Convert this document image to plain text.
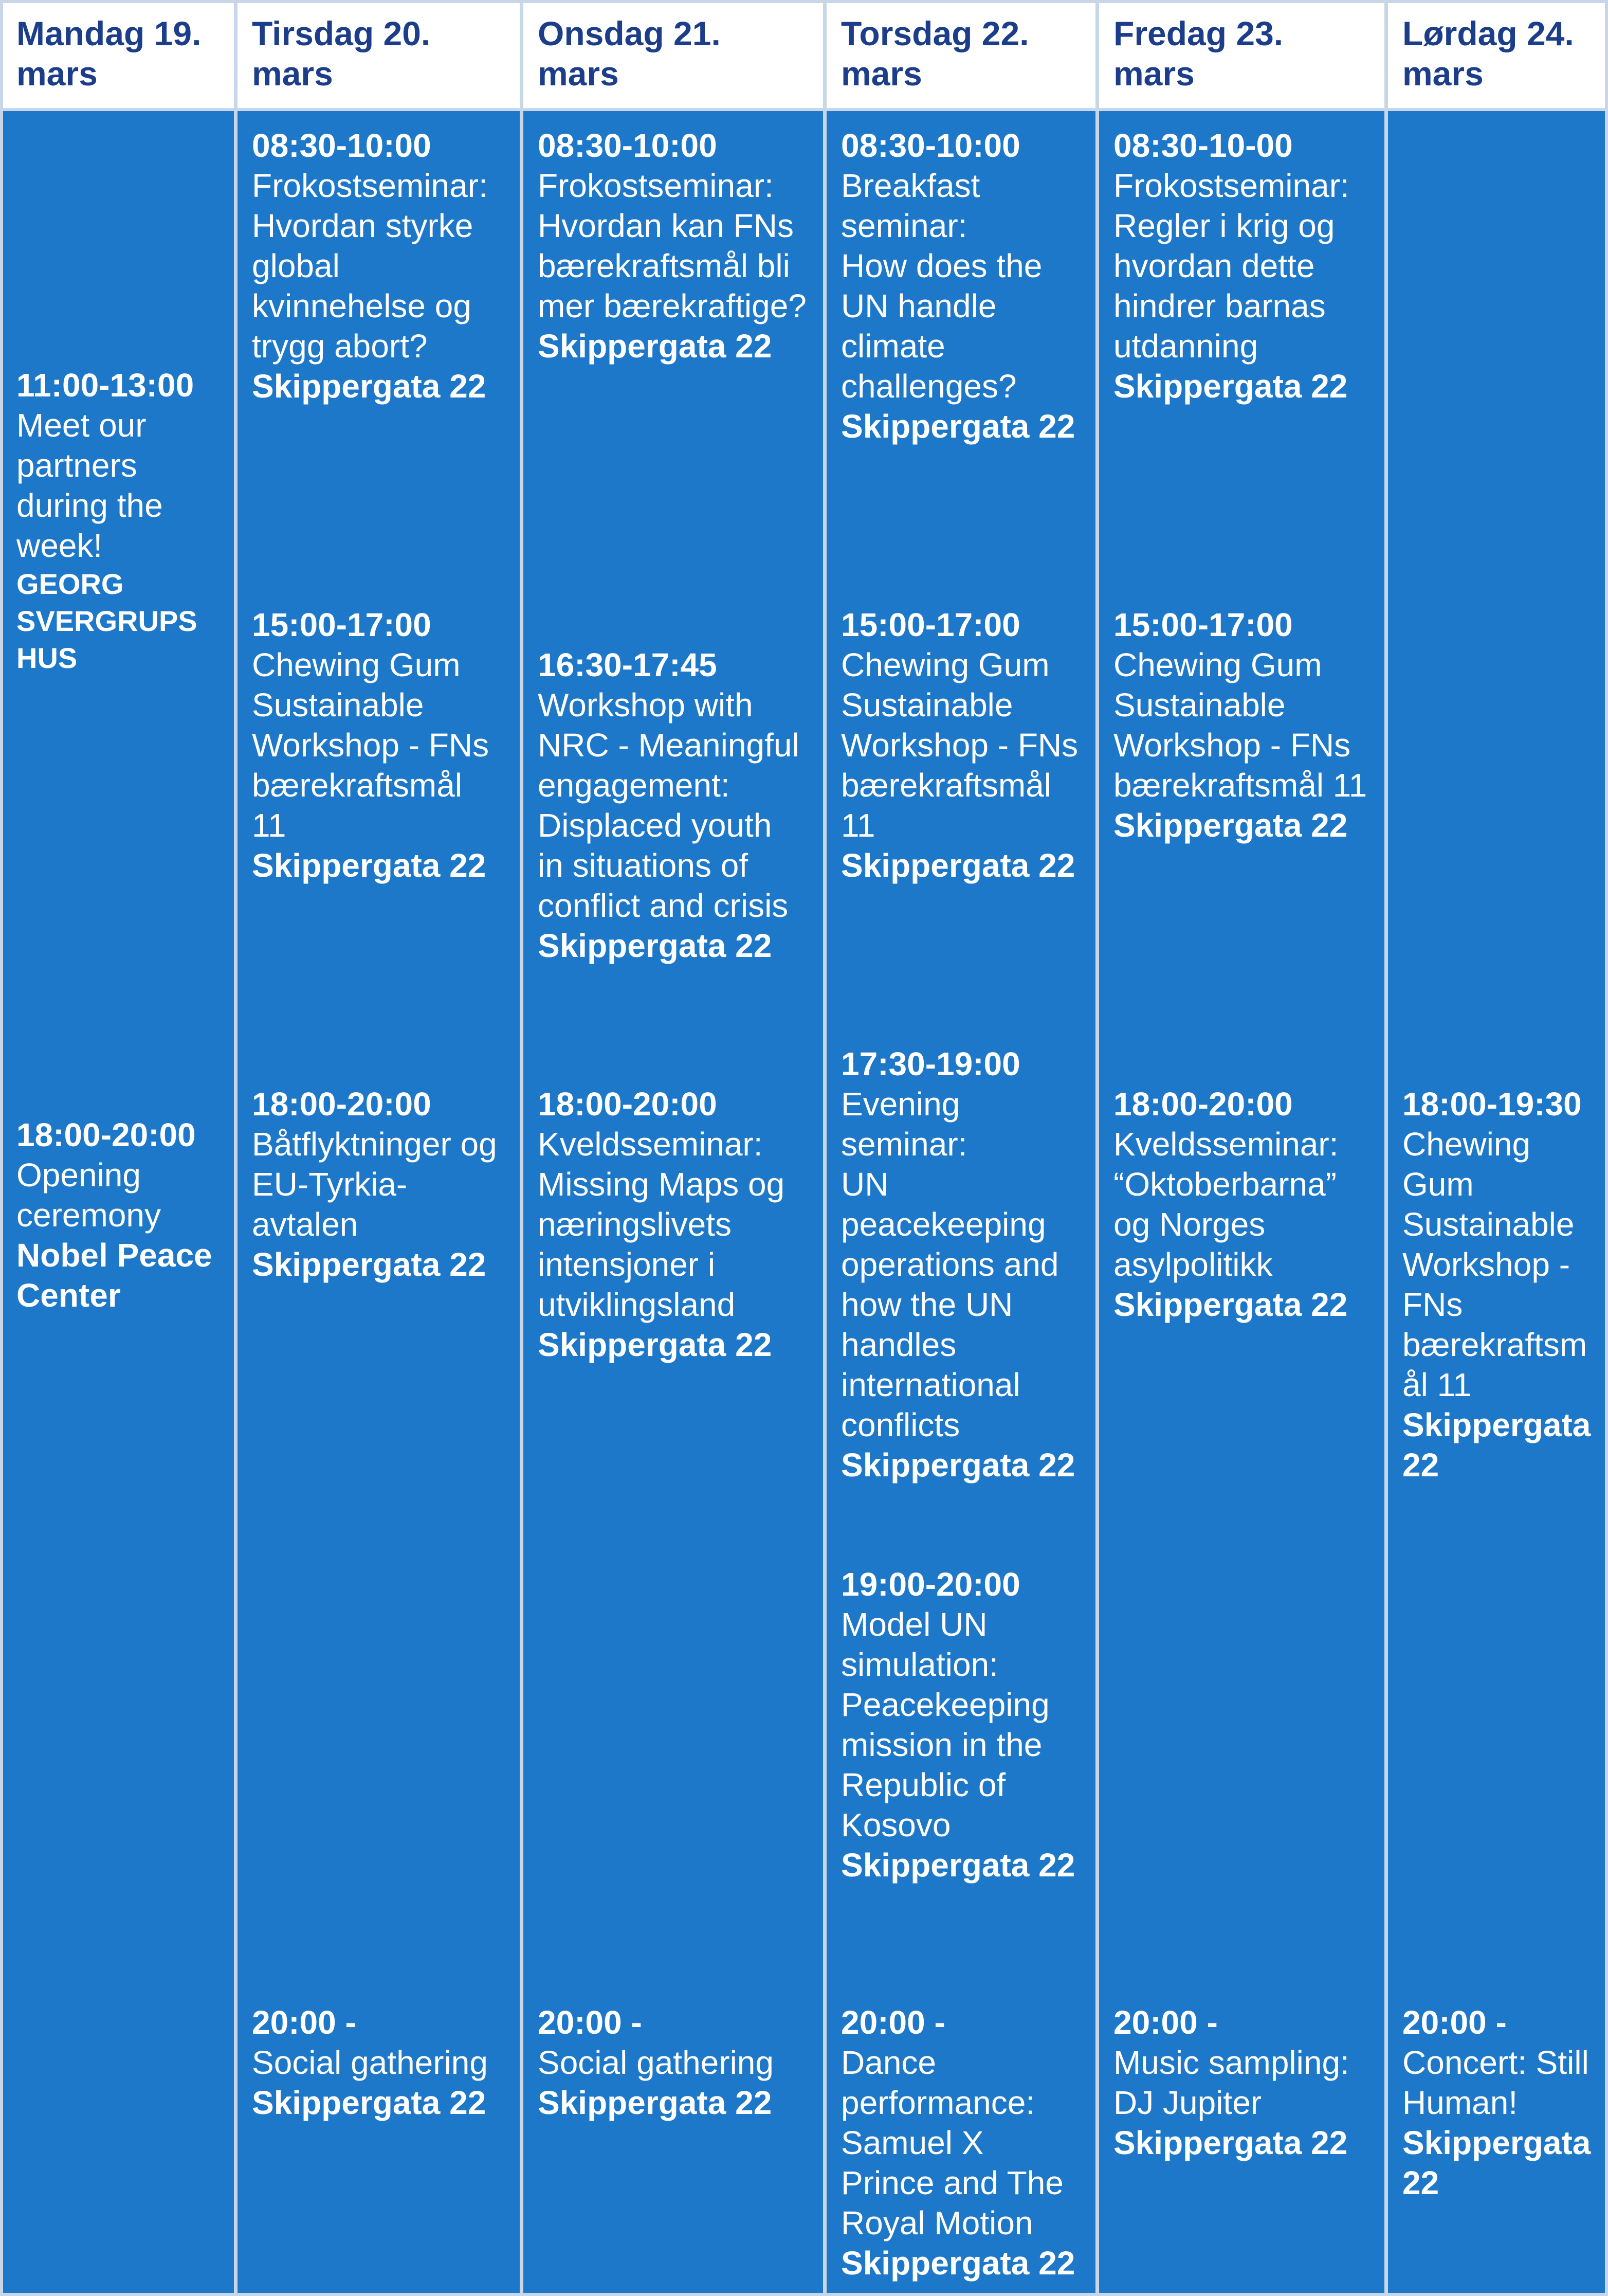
Mandag 19.
mars
Tirsdag 20.
mars
Onsdag 21.
mars
Torsdag 22.
mars
Fredag 23.
mars
Lørdag 24.
mars
11:00-13:00
Meet our
partners
during the
week!
GEORG
SVERGRUPS
HUS
18:00-20:00
Opening
ceremony
Nobel Peace
Center
08:30-10:00
Frokostseminar:
Hvordan styrke
global
kvinnehelse og
trygg abort?
Skippergata 22
15:00-17:00
Chewing Gum
Sustainable
Workshop - FNs
bærekraftsmål
11
Skippergata 22
18:00-20:00
Båtflyktninger og
EU-Tyrkia-
avtalen
Skippergata 22
20:00 -
Social gathering
Skippergata 22
08:30-10:00
Frokostseminar:
Hvordan kan FNs
bærekraftsmål bli
mer bærekraftige?
Skippergata 22
16:30-17:45
Workshop with
NRC - Meaningful
engagement:
Displaced youth
in situations of
conflict and crisis
Skippergata 22
18:00-20:00
Kveldsseminar:
Missing Maps og
næringslivets
intensjoner i
utviklingsland
Skippergata 22
20:00 -
Social gathering
Skippergata 22
08:30-10:00
Breakfast
seminar:
How does the
UN handle
climate
challenges?
Skippergata 22
15:00-17:00
Chewing Gum
Sustainable
Workshop - FNs
bærekraftsmål
11
Skippergata 22
17:30-19:00
Evening
seminar:
UN
peacekeeping
operations and
how the UN
handles
international
conflicts
Skippergata 22
19:00-20:00
Model UN
simulation:
Peacekeeping
mission in the
Republic of
Kosovo
Skippergata 22
20:00 -
Dance
performance:
Samuel X
Prince and The
Royal Motion
Skippergata 22
08:30-10-00
Frokostseminar:
Regler i krig og
hvordan dette
hindrer barnas
utdanning
Skippergata 22
15:00-17:00
Chewing Gum
Sustainable
Workshop - FNs
bærekraftsmål 11
Skippergata 22
18:00-20:00
Kveldsseminar:
“Oktoberbarna”
og Norges
asylpolitikk
Skippergata 22
20:00 -
Music sampling:
DJ Jupiter
Skippergata 22
18:00-19:30
Chewing
Gum
Sustainable
Workshop -
FNs
bærekraftsm
ål 11
Skippergata
22
20:00 -
Concert: Still
Human!
Skippergata
22
